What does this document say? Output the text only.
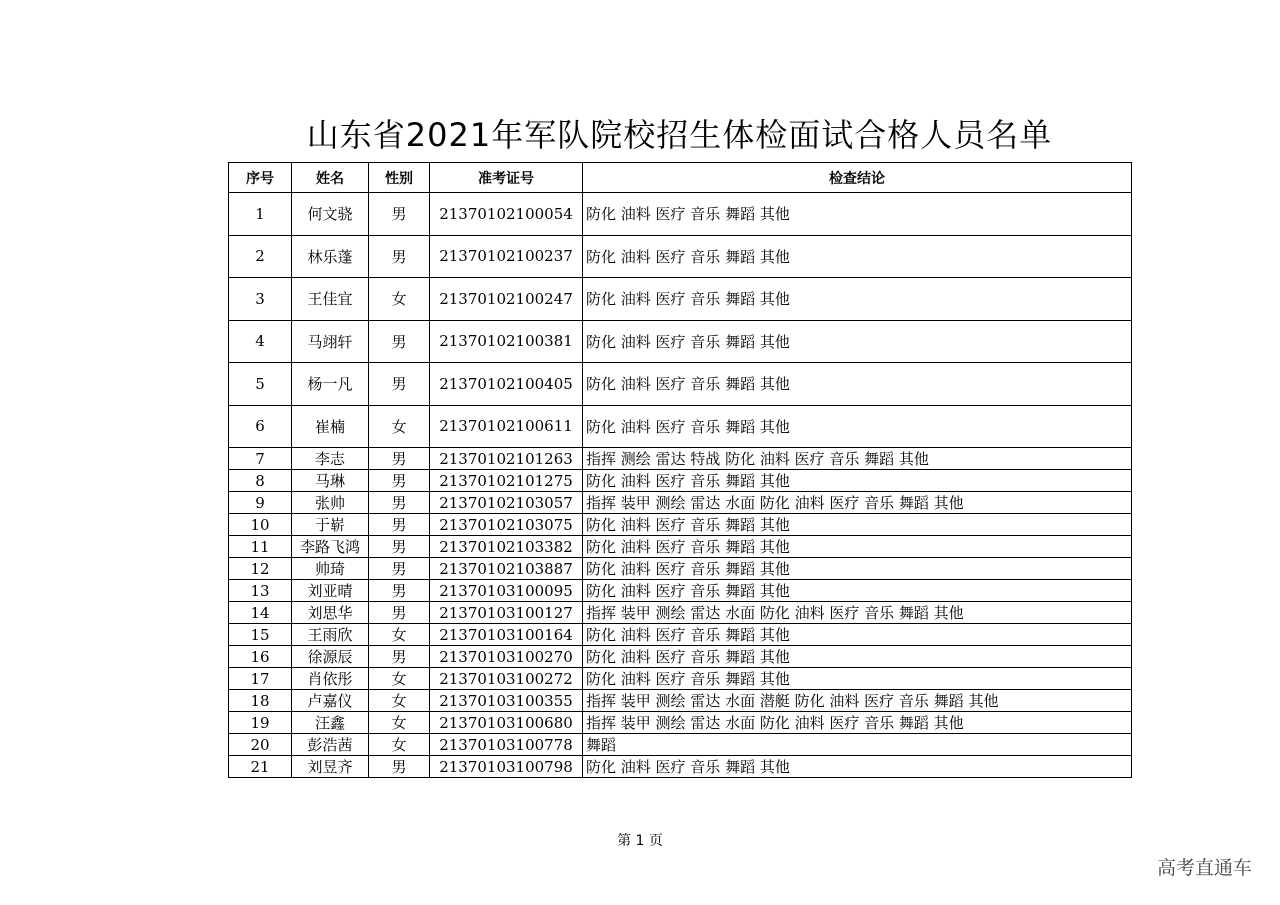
山东省2021年军队院校招生体检面试合格人员名单
序号	姓名	性别	准考证号	检查结论
1	何文骁	男	21370102100054	防化 油料 医疗 音乐 舞蹈 其他
2	林乐蓬	男	21370102100237	防化 油料 医疗 音乐 舞蹈 其他
3	王佳宜	女	21370102100247	防化 油料 医疗 音乐 舞蹈 其他
4	马翊轩	男	21370102100381	防化 油料 医疗 音乐 舞蹈 其他
5	杨一凡	男	21370102100405	防化 油料 医疗 音乐 舞蹈 其他
6	崔楠	女	21370102100611	防化 油料 医疗 音乐 舞蹈 其他
7	李志	男	21370102101263	指挥 测绘 雷达 特战 防化 油料 医疗 音乐 舞蹈 其他
8	马琳	男	21370102101275	防化 油料 医疗 音乐 舞蹈 其他
9	张帅	男	21370102103057	指挥 装甲 测绘 雷达 水面 防化 油料 医疗 音乐 舞蹈 其他
10	于崭	男	21370102103075	防化 油料 医疗 音乐 舞蹈 其他
11	李路飞鸿	男	21370102103382	防化 油料 医疗 音乐 舞蹈 其他
12	帅琦	男	21370102103887	防化 油料 医疗 音乐 舞蹈 其他
13	刘亚晴	男	21370103100095	防化 油料 医疗 音乐 舞蹈 其他
14	刘思华	男	21370103100127	指挥 装甲 测绘 雷达 水面 防化 油料 医疗 音乐 舞蹈 其他
15	王雨欣	女	21370103100164	防化 油料 医疗 音乐 舞蹈 其他
16	徐源辰	男	21370103100270	防化 油料 医疗 音乐 舞蹈 其他
17	肖依彤	女	21370103100272	防化 油料 医疗 音乐 舞蹈 其他
18	卢嘉仪	女	21370103100355	指挥 装甲 测绘 雷达 水面 潜艇 防化 油料 医疗 音乐 舞蹈 其他
19	汪鑫	女	21370103100680	指挥 装甲 测绘 雷达 水面 防化 油料 医疗 音乐 舞蹈 其他
20	彭浩茜	女	21370103100778	舞蹈
21	刘昱齐	男	21370103100798	防化 油料 医疗 音乐 舞蹈 其他
第 1 页
高考直通车
